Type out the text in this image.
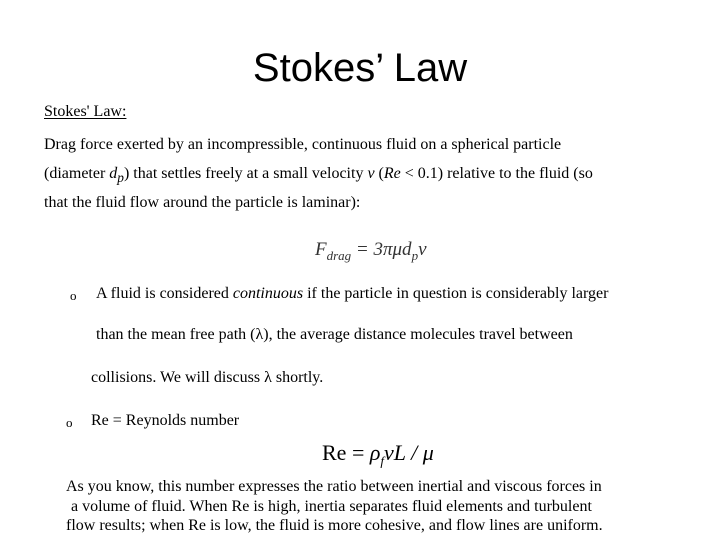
Stokes’ Law
Stokes' Law:
Drag force exerted by an incompressible, continuous fluid on a spherical particle
(diameter $d_p$) that settles freely at a small velocity v (Re < 0.1) relative to the fluid (so
that the fluid flow around the particle is laminar):
$F_{drag} = 3\pi\mu d_pv$
o A fluid is considered continuous if the particle in question is considerably larger
than the mean free path (λ), the average distance molecules travel between
collisions. We will discuss λ shortly.
o Re = Reynolds number
$Re = \rho_fvL / \mu$
As you know, this number expresses the ratio between inertial and viscous forces in
a volume of fluid. When Re is high, inertia separates fluid elements and turbulent
flow results; when Re is low, the fluid is more cohesive, and flow lines are uniform.
